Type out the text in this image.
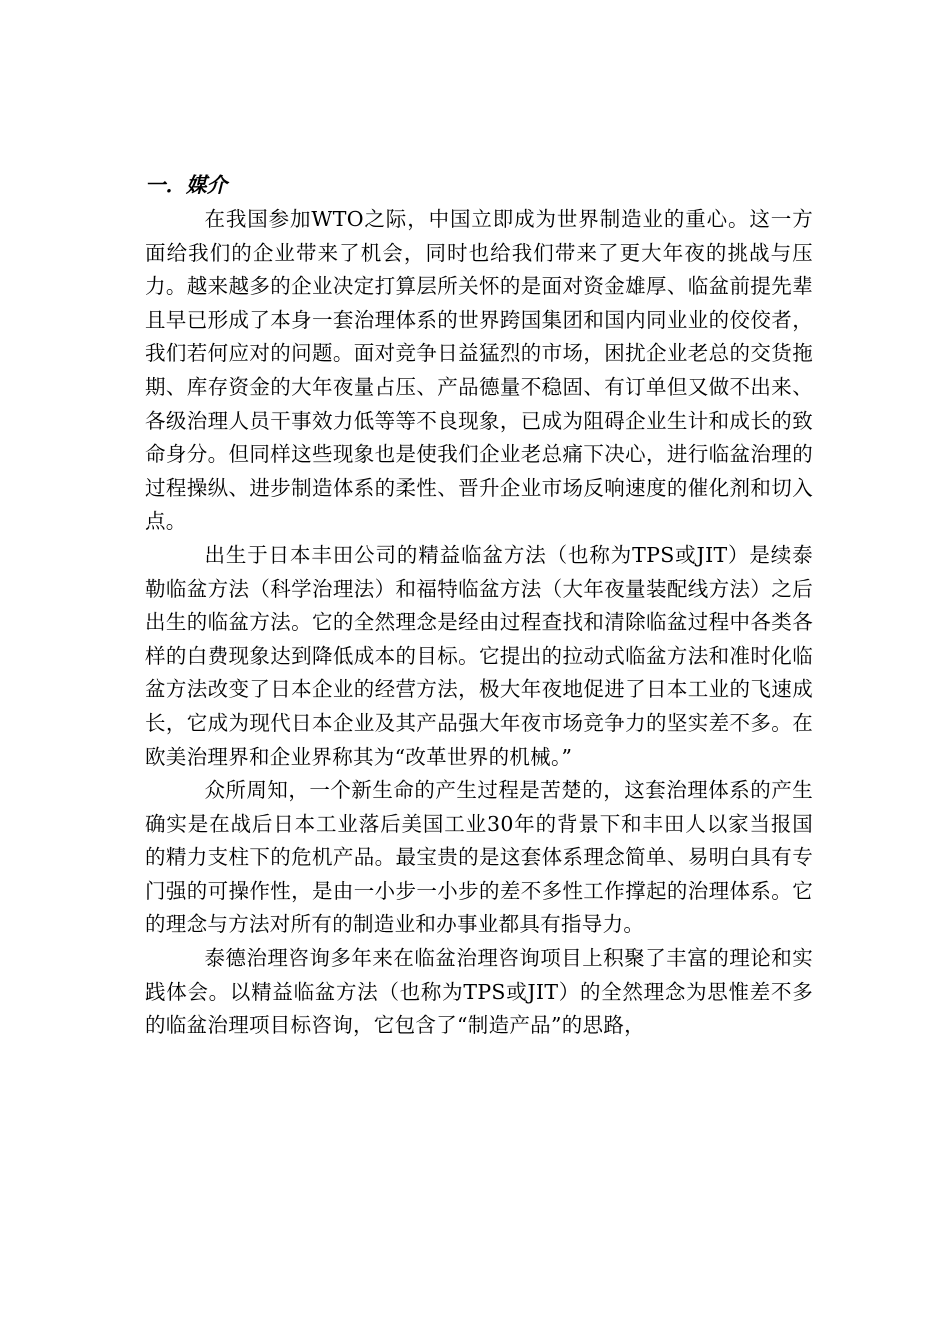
一．媒介

在我国参加WTO之际，中国立即成为世界制造业的重心。这一方面给我们的企业带来了机会，同时也给我们带来了更大年夜的挑战与压力。越来越多的企业决定打算层所关怀的是面对资金雄厚、临盆前提先辈且早已形成了本身一套治理体系的世界跨国集团和国内同业业的佼佼者，我们若何应对的问题。面对竞争日益猛烈的市场，困扰企业老总的交货拖期、库存资金的大年夜量占压、产品德量不稳固、有订单但又做不出来、各级治理人员干事效力低等等不良现象，已成为阻碍企业生计和成长的致命身分。但同样这些现象也是使我们企业老总痛下决心，进行临盆治理的过程操纵、进步制造体系的柔性、晋升企业市场反响速度的催化剂和切入点。

出生于日本丰田公司的精益临盆方法（也称为TPS或JIT）是续泰勒临盆方法（科学治理法）和福特临盆方法（大年夜量装配线方法）之后出生的临盆方法。它的全然理念是经由过程查找和清除临盆过程中各类各样的白费现象达到降低成本的目标。它提出的拉动式临盆方法和准时化临盆方法改变了日本企业的经营方法，极大年夜地促进了日本工业的飞速成长，它成为现代日本企业及其产品强大年夜市场竞争力的坚实差不多。在欧美治理界和企业界称其为“改革世界的机械。”

众所周知，一个新生命的产生过程是苦楚的，这套治理体系的产生确实是在战后日本工业落后美国工业30年的背景下和丰田人以家当报国的精力支柱下的危机产品。最宝贵的是这套体系理念简单、易明白具有专门强的可操作性，是由一小步一小步的差不多性工作撑起的治理体系。它的理念与方法对所有的制造业和办事业都具有指导力。

泰德治理咨询多年来在临盆治理咨询项目上积聚了丰富的理论和实践体会。以精益临盆方法（也称为TPS或JIT）的全然理念为思惟差不多的临盆治理项目标咨询，它包含了“制造产品”的思路，
